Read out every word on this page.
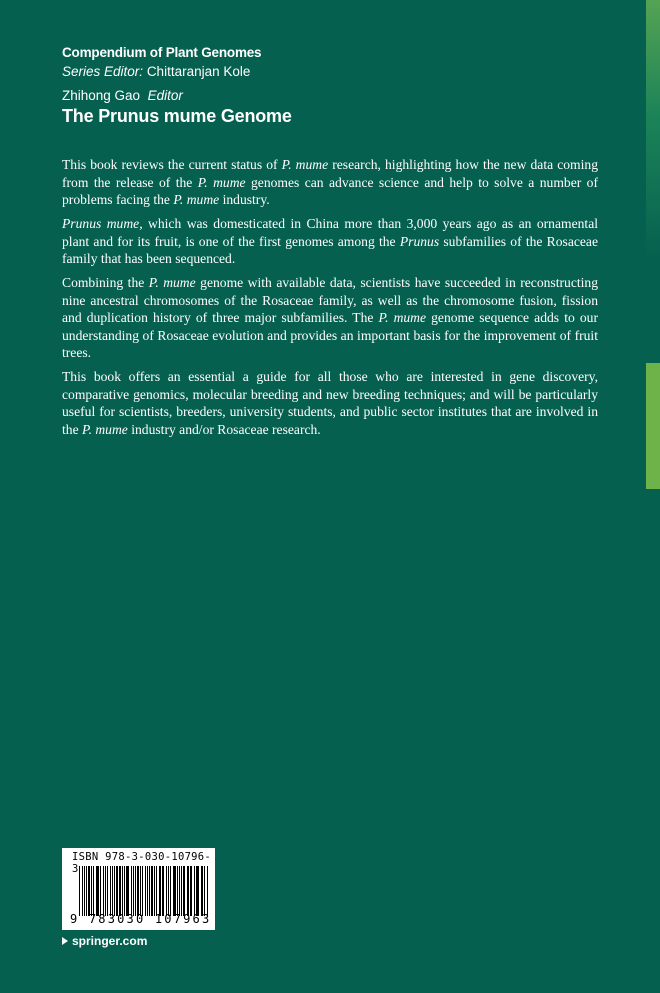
Compendium of Plant Genomes
Series Editor: Chittaranjan Kole
Zhihong Gao Editor
The Prunus mume Genome

This book reviews the current status of P. mume research, highlighting how the new data coming from the release of the P. mume genomes can advance science and help to solve a number of problems facing the P. mume industry.

Prunus mume, which was domesticated in China more than 3,000 years ago as an ornamental plant and for its fruit, is one of the first genomes among the Prunus subfamilies of the Rosaceae family that has been sequenced.

Combining the P. mume genome with available data, scientists have succeeded in reconstructing nine ancestral chromosomes of the Rosaceae family, as well as the chromosome fusion, fission and duplication history of three major subfamilies. The P. mume genome sequence adds to our understanding of Rosaceae evolution and provides an important basis for the improvement of fruit trees.

This book offers an essential a guide for all those who are interested in gene discovery, comparative genomics, molecular breeding and new breeding techniques; and will be particularly useful for scientists, breeders, university students, and public sector institutes that are involved in the P. mume industry and/or Rosaceae research.

ISBN 978-3-030-10796-3
9 783030 107963
springer.com
